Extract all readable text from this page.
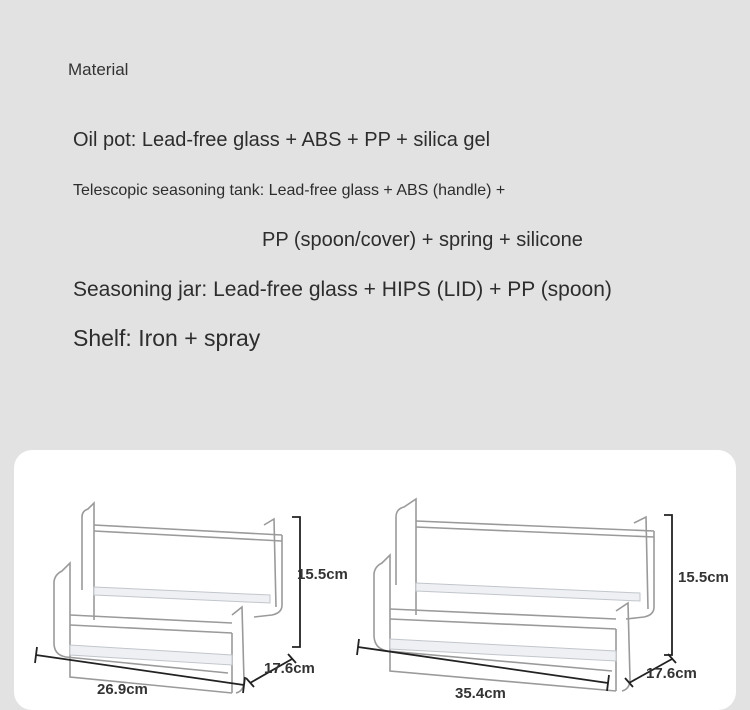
Material
Oil pot: Lead-free glass + ABS + PP + silica gel
Telescopic seasoning tank: Lead-free glass + ABS (handle) +
PP (spoon/cover) + spring + silicone
Seasoning jar: Lead-free glass + HIPS (LID) + PP (spoon)
Shelf: Iron + spray
15.5cm
17.6cm
26.9cm
15.5cm
17.6cm
35.4cm
